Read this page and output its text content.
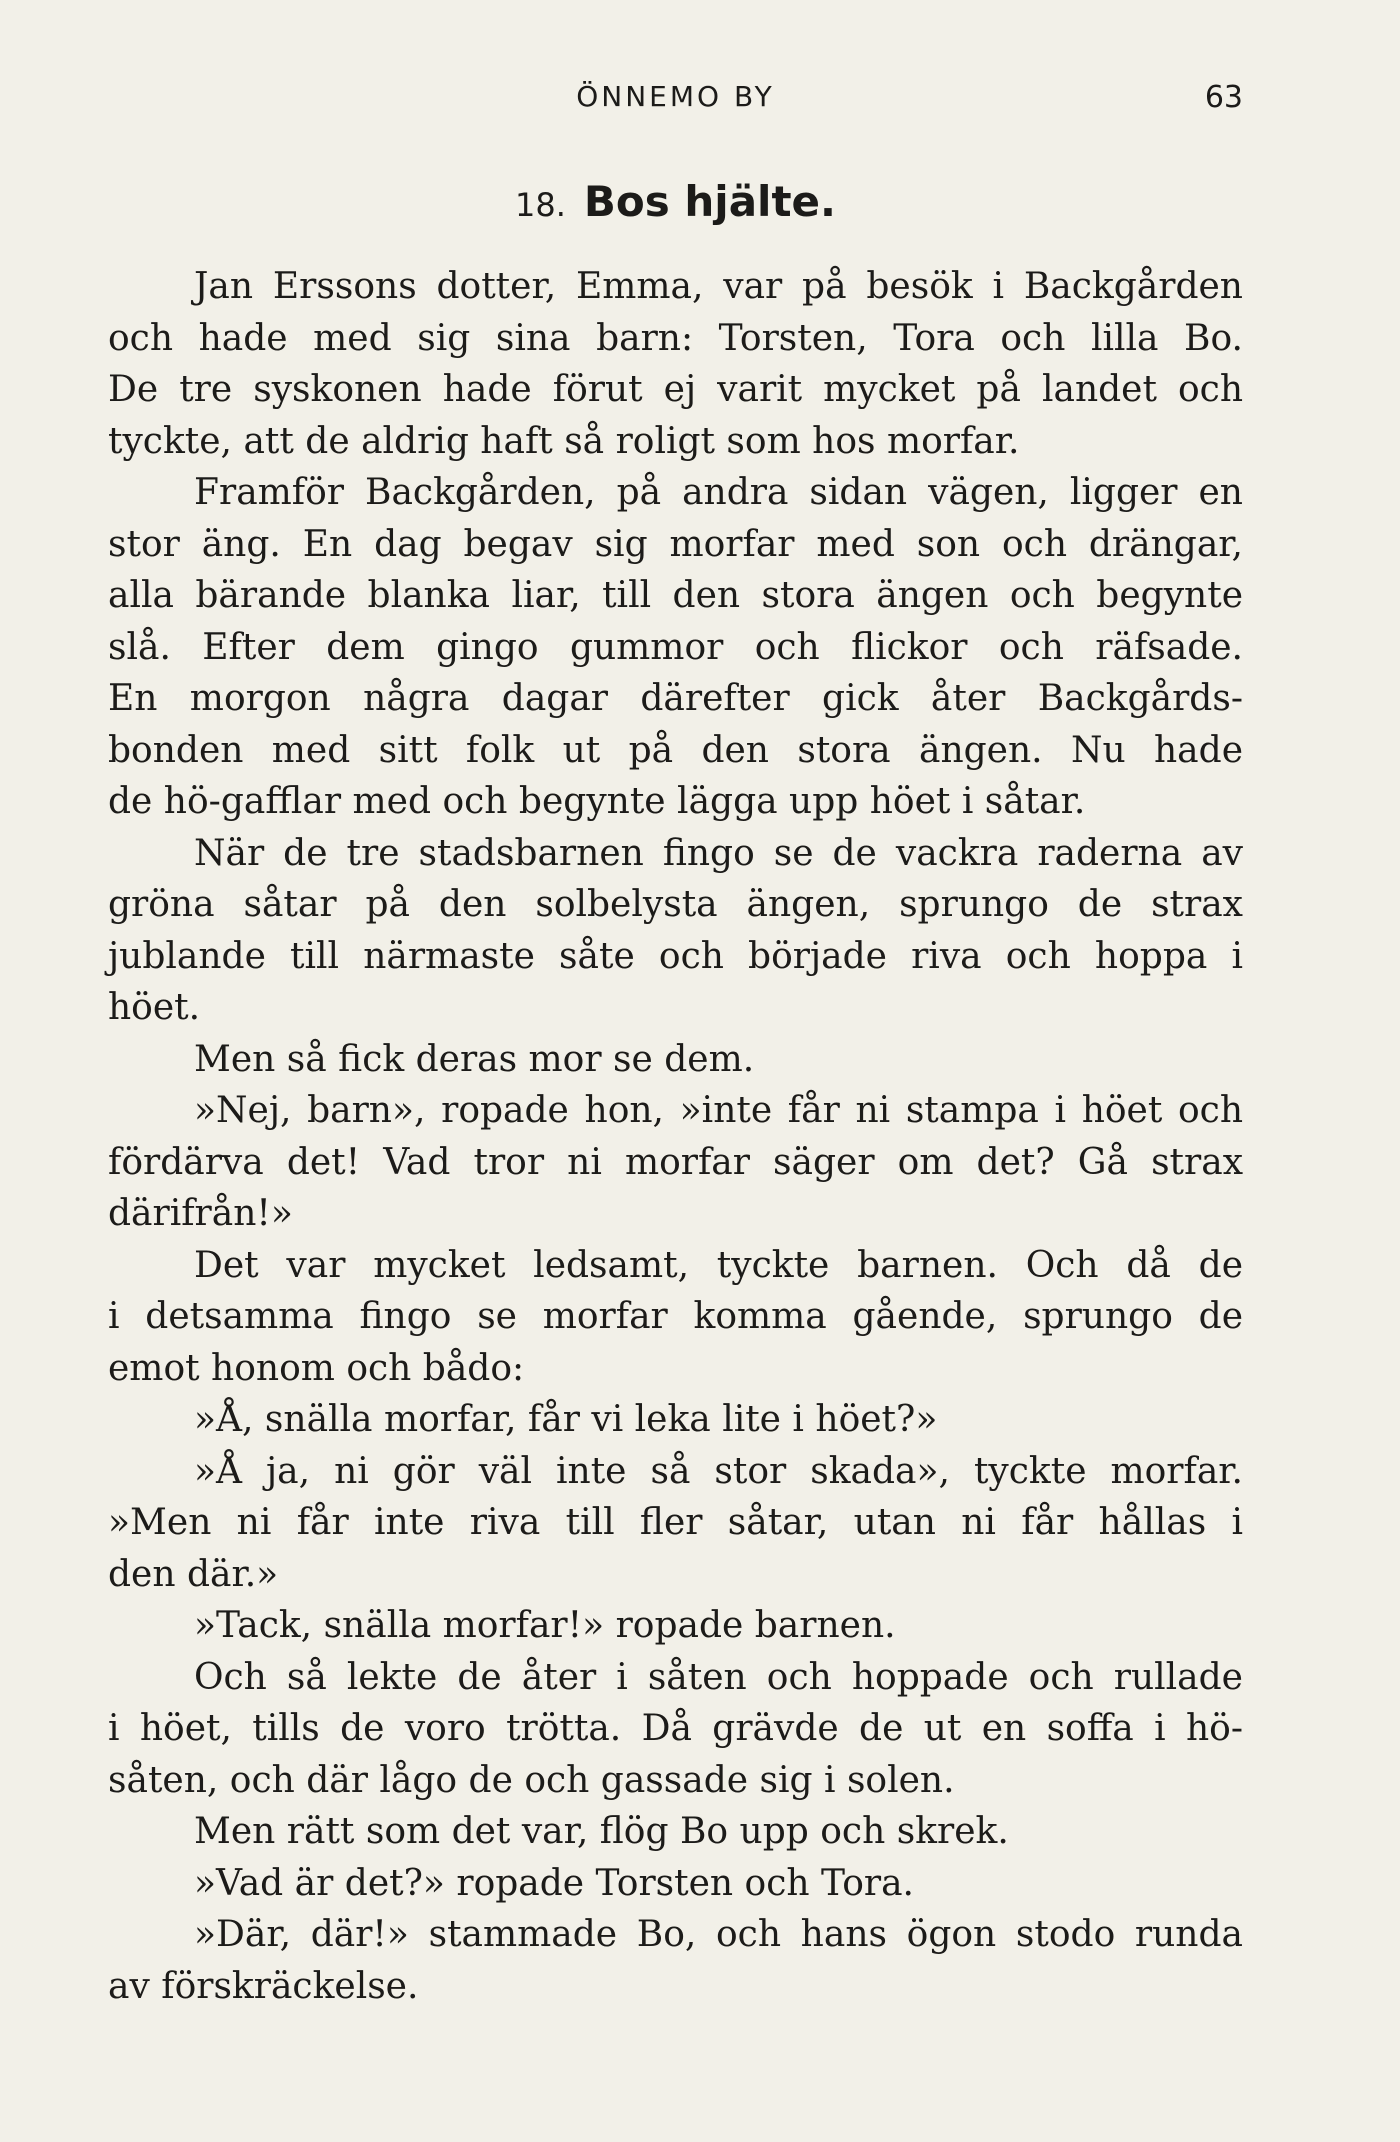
ÖNNEMO BY	63
18. Bos hjälte.
Jan Erssons dotter, Emma, var på besök i Backgården
och hade med sig sina barn: Torsten, Tora och lilla Bo.
De tre syskonen hade förut ej varit mycket på landet och
tyckte, att de aldrig haft så roligt som hos morfar.
Framför Backgården, på andra sidan vägen, ligger en
stor äng. En dag begav sig morfar med son och drängar,
alla bärande blanka liar, till den stora ängen och begynte
slå. Efter dem gingo gummor och flickor och räfsade.
En morgon några dagar därefter gick åter Backgårds-
bonden med sitt folk ut på den stora ängen. Nu hade
de hö-gafflar med och begynte lägga upp höet i såtar.
När de tre stadsbarnen fingo se de vackra raderna av
gröna såtar på den solbelysta ängen, sprungo de strax
jublande till närmaste såte och började riva och hoppa i
höet.
Men så fick deras mor se dem.
»Nej, barn», ropade hon, »inte får ni stampa i höet och
fördärva det! Vad tror ni morfar säger om det? Gå strax
därifrån!»
Det var mycket ledsamt, tyckte barnen. Och då de
i detsamma fingo se morfar komma gående, sprungo de
emot honom och bådo:
»Å, snälla morfar, får vi leka lite i höet?»
»Å ja, ni gör väl inte så stor skada», tyckte morfar.
»Men ni får inte riva till fler såtar, utan ni får hållas i
den där.»
»Tack, snälla morfar!» ropade barnen.
Och så lekte de åter i såten och hoppade och rullade
i höet, tills de voro trötta. Då grävde de ut en soffa i hö-
såten, och där lågo de och gassade sig i solen.
Men rätt som det var, flög Bo upp och skrek.
»Vad är det?» ropade Torsten och Tora.
»Där, där!» stammade Bo, och hans ögon stodo runda
av förskräckelse.
